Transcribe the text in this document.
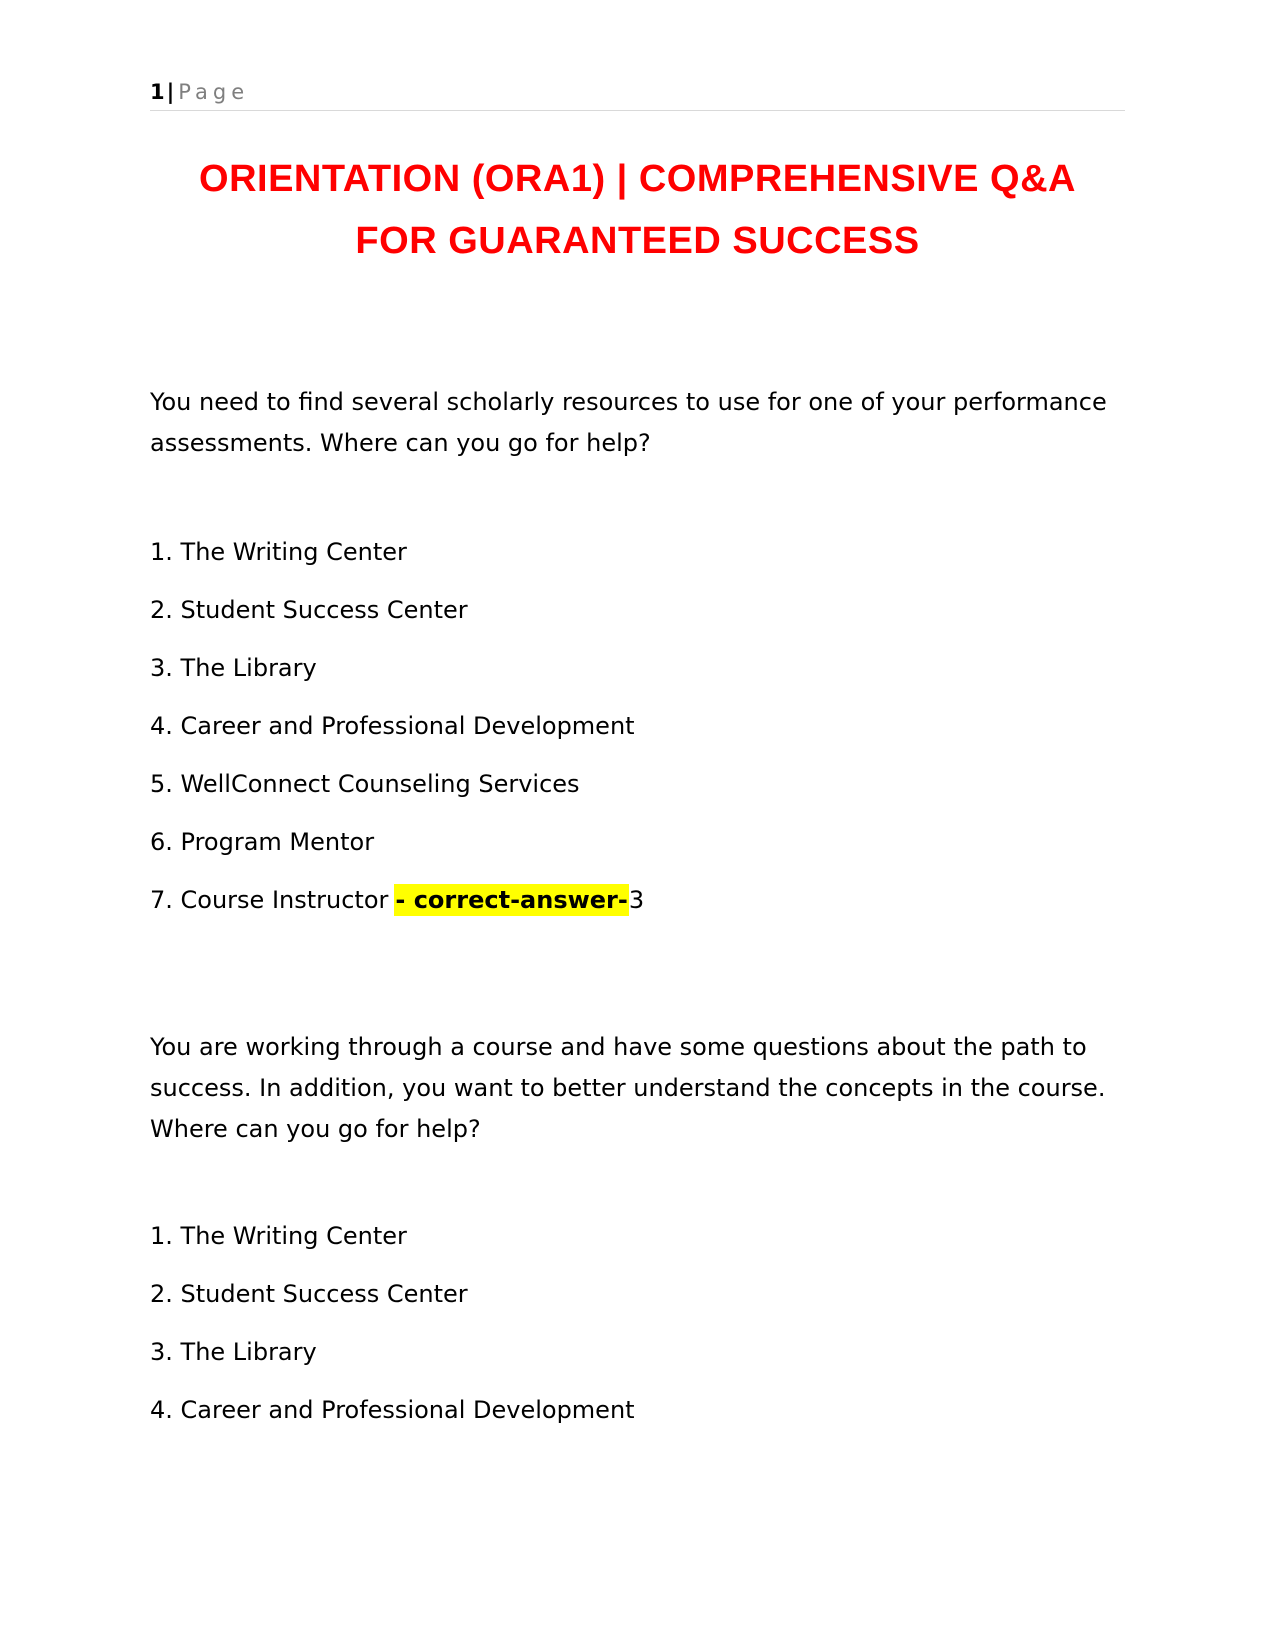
1| Page
ORIENTATION (ORA1) | COMPREHENSIVE Q&A
FOR GUARANTEED SUCCESS

You need to find several scholarly resources to use for one of your performance assessments. Where can you go for help?

1. The Writing Center
2. Student Success Center
3. The Library
4. Career and Professional Development
5. WellConnect Counseling Services
6. Program Mentor
7. Course Instructor - correct-answer-3

You are working through a course and have some questions about the path to success. In addition, you want to better understand the concepts in the course. Where can you go for help?

1. The Writing Center
2. Student Success Center
3. The Library
4. Career and Professional Development
